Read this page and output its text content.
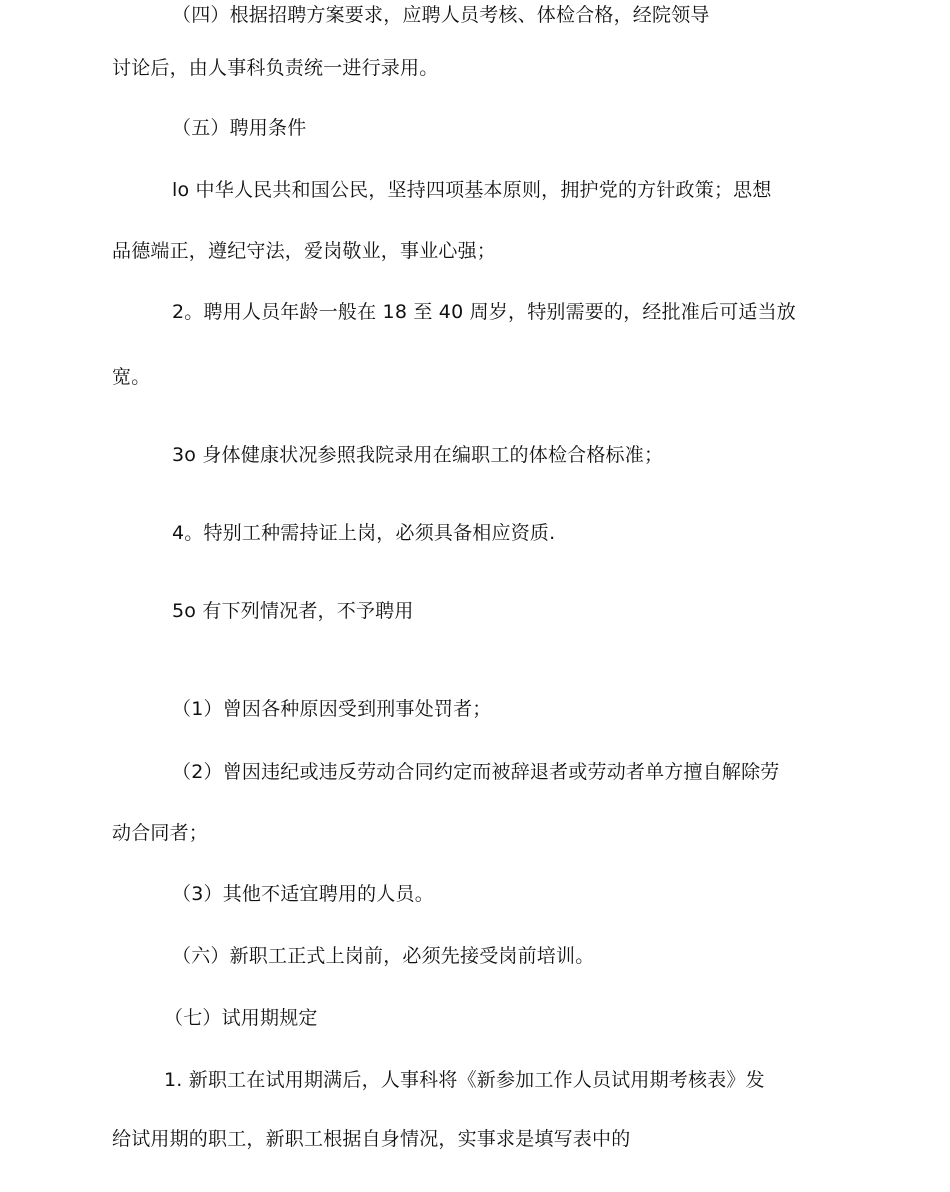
（四）根据招聘方案要求，应聘人员考核、体检合格，经院领导
讨论后，由人事科负责统一进行录用。
（五）聘用条件
lo 中华人民共和国公民，坚持四项基本原则，拥护党的方针政策；思想
品德端正，遵纪守法，爱岗敬业，事业心强；
2。聘用人员年龄一般在 18 至 40 周岁，特别需要的，经批准后可适当放
宽。
3o 身体健康状况参照我院录用在编职工的体检合格标准；
4。特别工种需持证上岗，必须具备相应资质.
5o 有下列情况者，不予聘用
（1）曾因各种原因受到刑事处罚者；
（2）曾因违纪或违反劳动合同约定而被辞退者或劳动者单方擅自解除劳
动合同者；
（3）其他不适宜聘用的人员。
（六）新职工正式上岗前，必须先接受岗前培训。
（七）试用期规定
1. 新职工在试用期满后，人事科将《新参加工作人员试用期考核表》发
给试用期的职工，新职工根据自身情况，实事求是填写表中的
